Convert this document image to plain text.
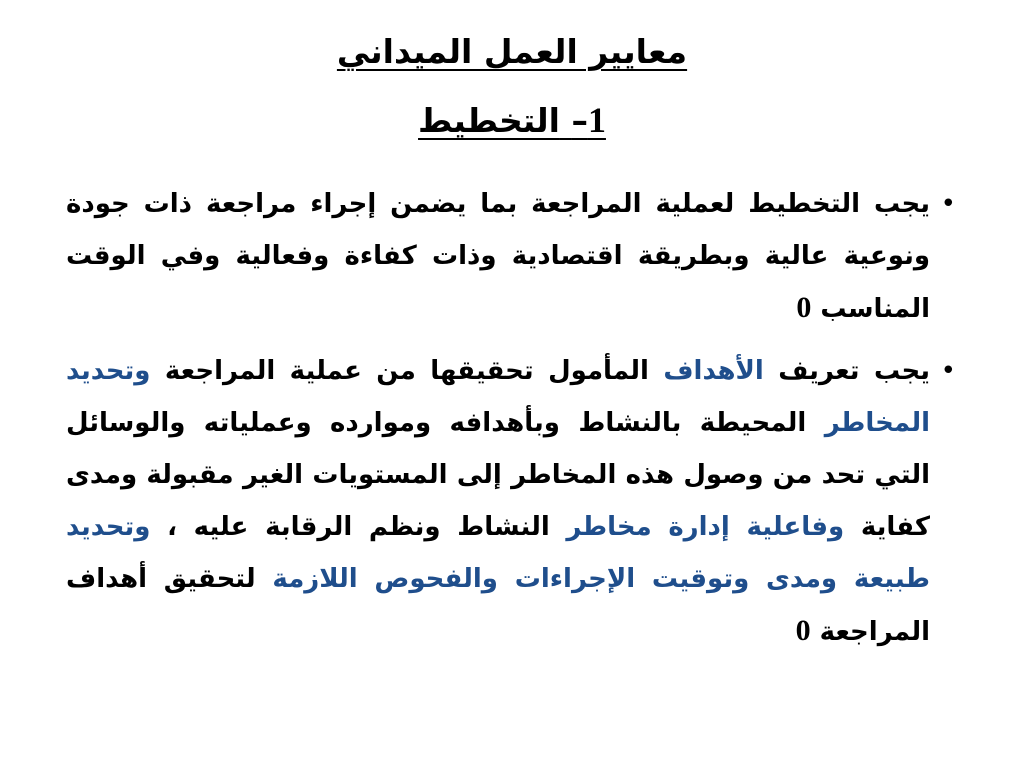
معايير العمل الميداني
1– التخطيط
•
يجب التخطيط لعملية المراجعة بما يضمن إجراء مراجعة ذات جودة ونوعية عالية وبطريقة اقتصادية وذات كفاءة وفعالية وفي الوقت المناسب 0
•
يجب تعريف الأهداف المأمول تحقيقها من عملية المراجعة وتحديد المخاطر المحيطة بالنشاط وبأهدافه وموارده وعملياته والوسائل التي تحد من وصول هذه المخاطر إلى المستويات الغير مقبولة ومدى كفاية وفاعلية إدارة مخاطر النشاط ونظم الرقابة عليه ، وتحديد طبيعة ومدى وتوقيت الإجراءات والفحوص اللازمة لتحقيق أهداف المراجعة 0
